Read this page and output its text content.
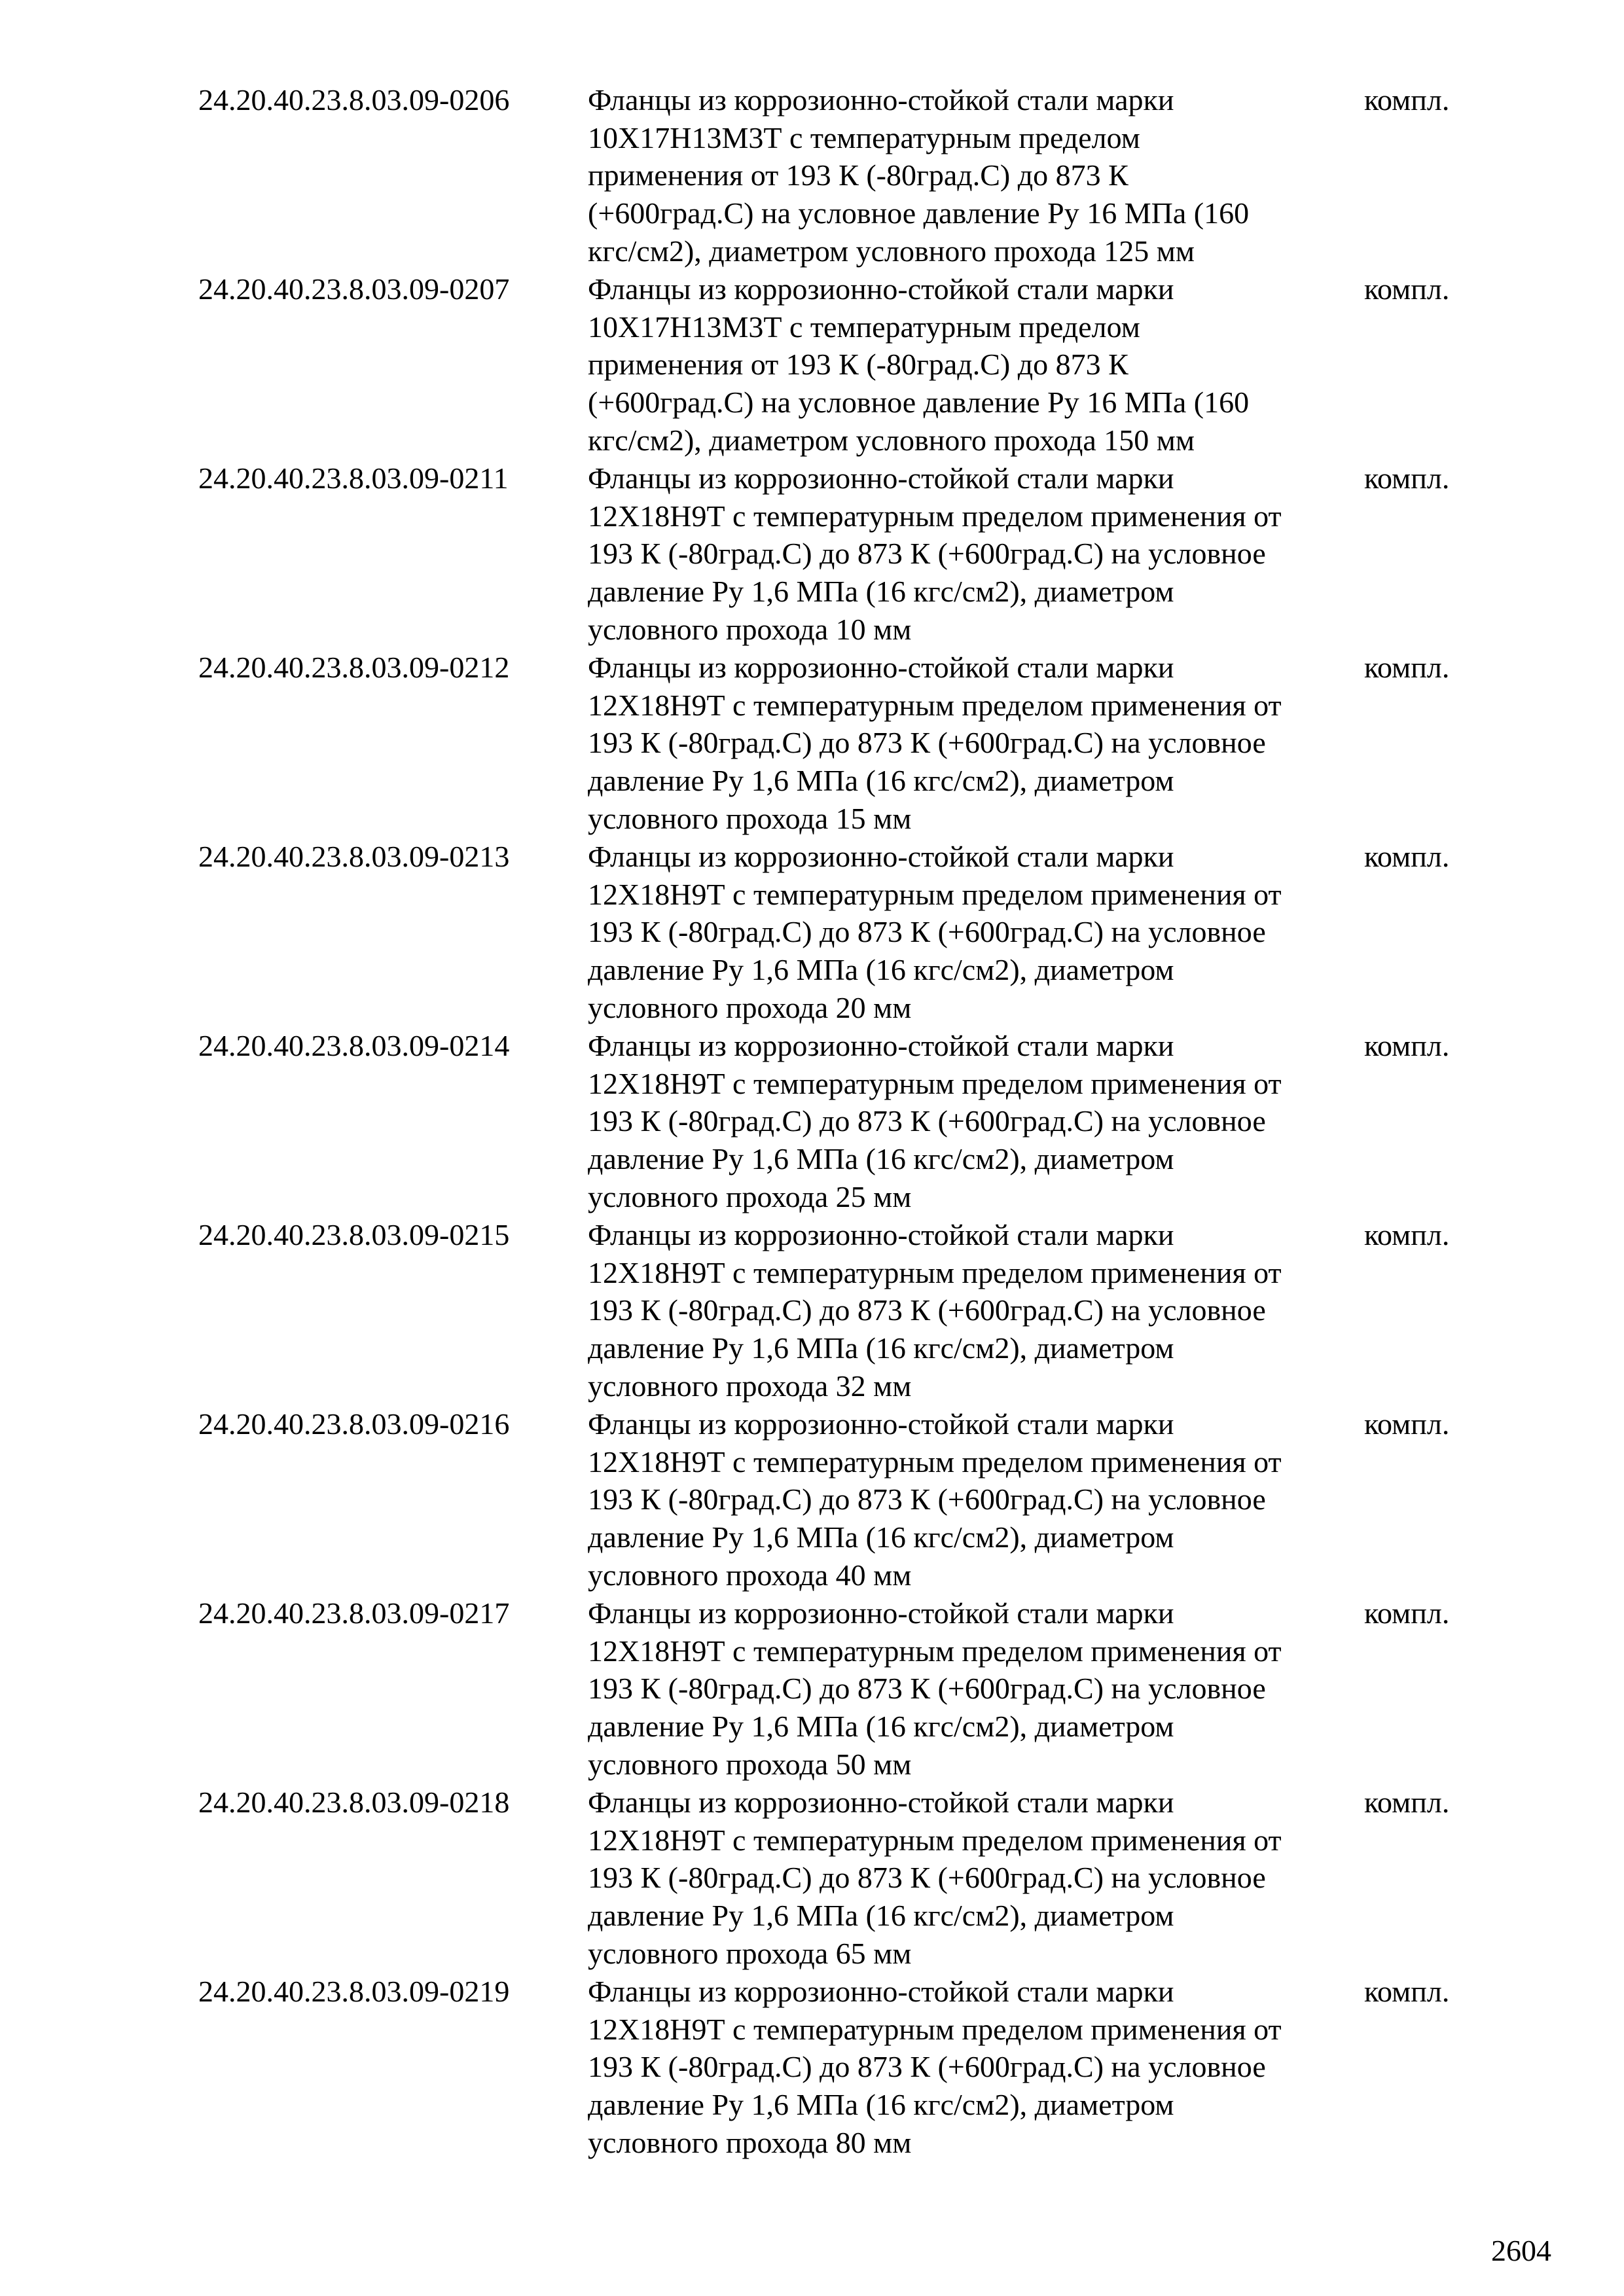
24.20.40.23.8.03.09-0206	Фланцы из коррозионно-стойкой стали марки
10Х17Н13М3Т с температурным пределом
применения от 193 К (-80град.С) до 873 К
(+600град.С) на условное давление Ру 16 МПа (160
кгс/см2), диаметром условного прохода 125 мм
компл.
24.20.40.23.8.03.09-0207	Фланцы из коррозионно-стойкой стали марки
10Х17Н13М3Т с температурным пределом
применения от 193 К (-80град.С) до 873 К
(+600град.С) на условное давление Ру 16 МПа (160
кгс/см2), диаметром условного прохода 150 мм
компл.
24.20.40.23.8.03.09-0211	Фланцы из коррозионно-стойкой стали марки
12Х18Н9Т с температурным пределом применения от
193 К (-80град.С) до 873 К (+600град.С) на условное
давление Ру 1,6 МПа (16 кгс/см2), диаметром
условного прохода 10 мм
компл.
24.20.40.23.8.03.09-0212	Фланцы из коррозионно-стойкой стали марки
12Х18Н9Т с температурным пределом применения от
193 К (-80град.С) до 873 К (+600град.С) на условное
давление Ру 1,6 МПа (16 кгс/см2), диаметром
условного прохода 15 мм
компл.
24.20.40.23.8.03.09-0213	Фланцы из коррозионно-стойкой стали марки
12Х18Н9Т с температурным пределом применения от
193 К (-80град.С) до 873 К (+600град.С) на условное
давление Ру 1,6 МПа (16 кгс/см2), диаметром
условного прохода 20 мм
компл.
24.20.40.23.8.03.09-0214	Фланцы из коррозионно-стойкой стали марки
12Х18Н9Т с температурным пределом применения от
193 К (-80град.С) до 873 К (+600град.С) на условное
давление Ру 1,6 МПа (16 кгс/см2), диаметром
условного прохода 25 мм
компл.
24.20.40.23.8.03.09-0215	Фланцы из коррозионно-стойкой стали марки
12Х18Н9Т с температурным пределом применения от
193 К (-80град.С) до 873 К (+600град.С) на условное
давление Ру 1,6 МПа (16 кгс/см2), диаметром
условного прохода 32 мм
компл.
24.20.40.23.8.03.09-0216	Фланцы из коррозионно-стойкой стали марки
12Х18Н9Т с температурным пределом применения от
193 К (-80град.С) до 873 К (+600град.С) на условное
давление Ру 1,6 МПа (16 кгс/см2), диаметром
условного прохода 40 мм
компл.
24.20.40.23.8.03.09-0217	Фланцы из коррозионно-стойкой стали марки
12Х18Н9Т с температурным пределом применения от
193 К (-80град.С) до 873 К (+600град.С) на условное
давление Ру 1,6 МПа (16 кгс/см2), диаметром
условного прохода 50 мм
компл.
24.20.40.23.8.03.09-0218	Фланцы из коррозионно-стойкой стали марки
12Х18Н9Т с температурным пределом применения от
193 К (-80град.С) до 873 К (+600град.С) на условное
давление Ру 1,6 МПа (16 кгс/см2), диаметром
условного прохода 65 мм
компл.
24.20.40.23.8.03.09-0219	Фланцы из коррозионно-стойкой стали марки
12Х18Н9Т с температурным пределом применения от
193 К (-80град.С) до 873 К (+600град.С) на условное
давление Ру 1,6 МПа (16 кгс/см2), диаметром
условного прохода 80 мм
компл.
2604
